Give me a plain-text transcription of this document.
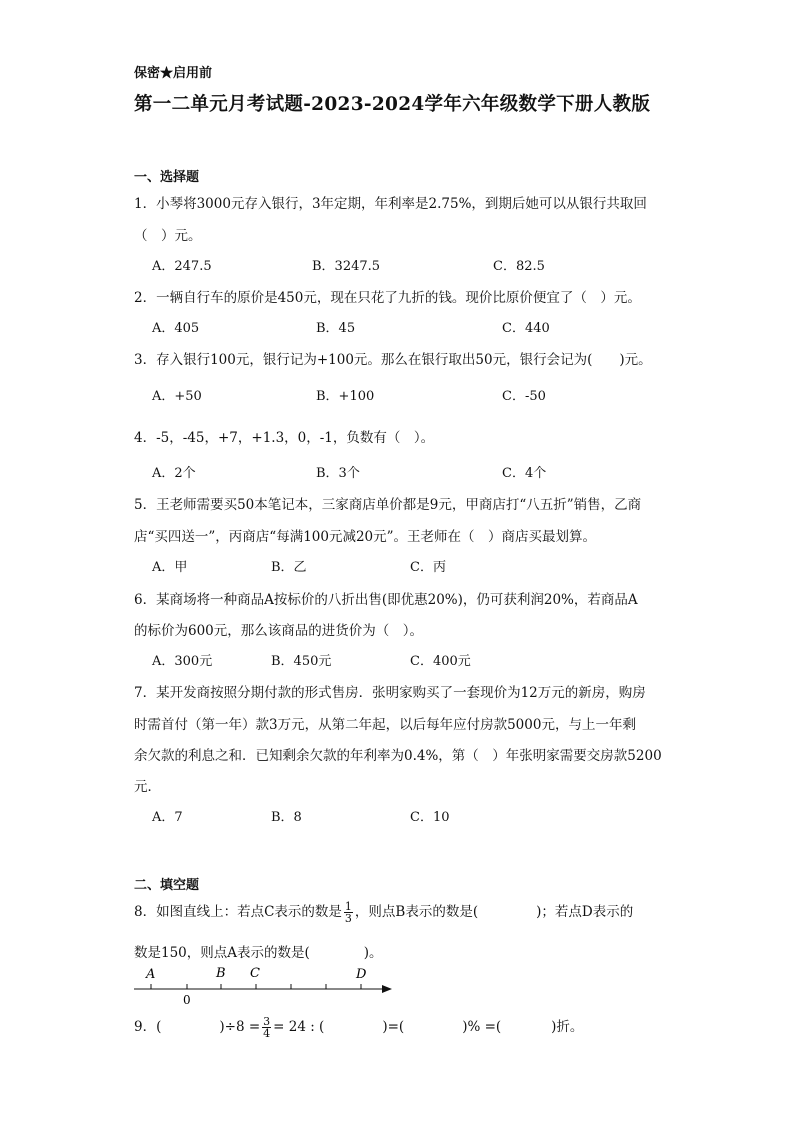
保密★启用前
第一二单元月考试题-2023-2024学年六年级数学下册人教版
一、选择题
1．小琴将3000元存入银行，3年定期，年利率是2.75%，到期后她可以从银行共取回
（　）元。
A．247.5	B．3247.5	C．82.5
2．一辆自行车的原价是450元，现在只花了九折的钱。现价比原价便宜了（　）元。
A．405	B．45	C．440
3．存入银行100元，银行记为+100元。那么在银行取出50元，银行会记为(　　)元。
A．+50	B．+100	C．-50
4．-5，-45，+7，+1.3，0，-1，负数有（　）。
A．2个	B．3个	C．4个
5．王老师需要买50本笔记本，三家商店单价都是9元，甲商店打“八五折”销售，乙商
店“买四送一”，丙商店“每满100元减20元”。王老师在（　）商店买最划算。
A．甲	B．乙	C．丙
6．某商场将一种商品A按标价的八折出售(即优惠20%)，仍可获利润20%，若商品A
的标价为600元，那么该商品的进货价为（　）。
A．300元	B．450元	C．400元
7．某开发商按照分期付款的形式售房．张明家购买了一套现价为12万元的新房，购房
时需首付（第一年）款3万元，从第二年起，以后每年应付房款5000元，与上一年剩
余欠款的利息之和．已知剩余欠款的年利率为0.4%，第（　）年张明家需要交房款5200
元．
A．7	B．8	C．10
二、填空题
8．如图直线上：若点C表示的数是 $\frac{1}{3}$ ，则点B表示的数是(	)；若点D表示的
数是150，则点A表示的数是(　　　　)。
A	B C	D
0
9．(	)$\div 8 = \frac{3}{4} = 24$ : (	)=(	)% =(	)折。
